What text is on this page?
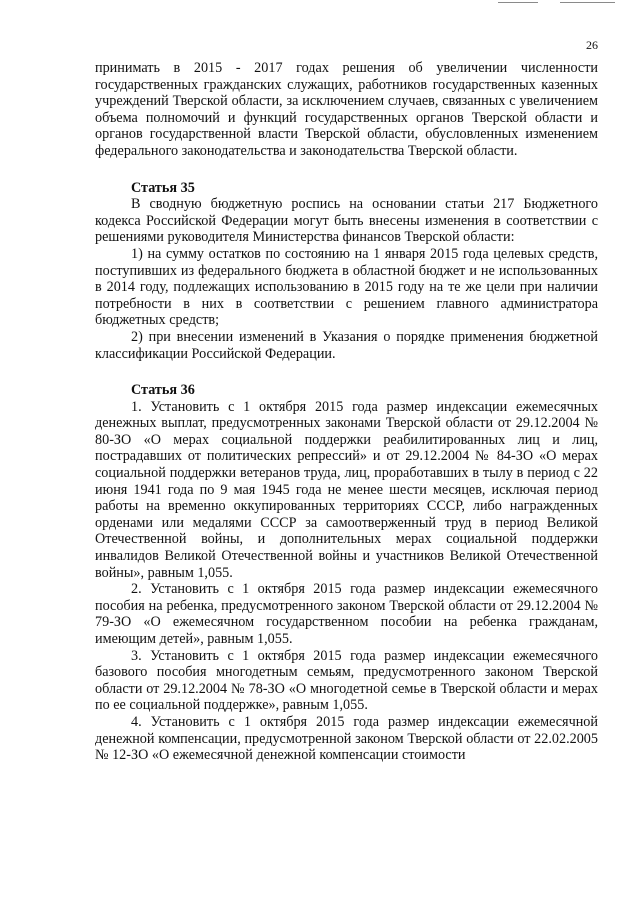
26

принимать в 2015 - 2017 годах решения об увеличении численности государственных гражданских служащих, работников государственных казенных учреждений Тверской области, за исключением случаев, связанных с увеличением объема полномочий и функций государственных органов Тверской области и органов государственной власти Тверской области, обусловленных изменением федерального законодательства и законодательства Тверской области.

Статья 35

В сводную бюджетную роспись на основании статьи 217 Бюджетного кодекса Российской Федерации могут быть внесены изменения в соответствии с решениями руководителя Министерства финансов Тверской области:

1) на сумму остатков по состоянию на 1 января 2015 года целевых средств, поступивших из федерального бюджета в областной бюджет и не использованных в 2014 году, подлежащих использованию в 2015 году на те же цели при наличии потребности в них в соответствии с решением главного администратора бюджетных средств;

2) при внесении изменений в Указания о порядке применения бюджетной классификации Российской Федерации.

Статья 36

1. Установить с 1 октября 2015 года размер индексации ежемесячных денежных выплат, предусмотренных законами Тверской области от 29.12.2004 № 80-ЗО «О мерах социальной поддержки реабилитированных лиц и лиц, пострадавших от политических репрессий» и от 29.12.2004 № 84-ЗО «О мерах социальной поддержки ветеранов труда, лиц, проработавших в тылу в период с 22 июня 1941 года по 9 мая 1945 года не менее шести месяцев, исключая период работы на временно оккупированных территориях СССР, либо награжденных орденами или медалями СССР за самоотверженный труд в период Великой Отечественной войны, и дополнительных мерах социальной поддержки инвалидов Великой Отечественной войны и участников Великой Отечественной войны», равным 1,055.

2. Установить с 1 октября 2015 года размер индексации ежемесячного пособия на ребенка, предусмотренного законом Тверской области от 29.12.2004 № 79-ЗО «О ежемесячном государственном пособии на ребенка гражданам, имеющим детей», равным 1,055.

3. Установить с 1 октября 2015 года размер индексации ежемесячного базового пособия многодетным семьям, предусмотренного законом Тверской области от 29.12.2004 № 78-ЗО «О многодетной семье в Тверской области и мерах по ее социальной поддержке», равным 1,055.

4. Установить с 1 октября 2015 года размер индексации ежемесячной денежной компенсации, предусмотренной законом Тверской области от 22.02.2005 № 12-ЗО «О ежемесячной денежной компенсации стоимости
